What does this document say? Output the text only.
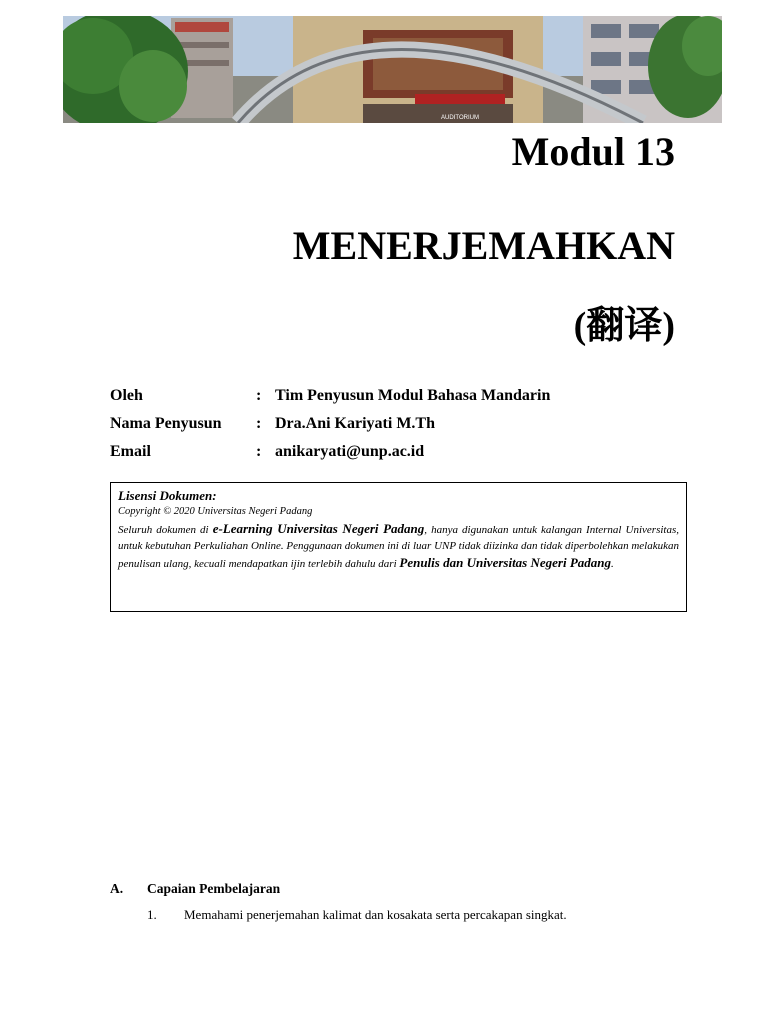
AUDITORIUM
Modul 13
MENERJEMAHKAN
(翻译)
Oleh	: Tim Penyusun Modul Bahasa Mandarin
Nama Penyusun	: Dra.Ani Kariyati M.Th
Email	: anikaryati@unp.ac.id
Lisensi Dokumen:
Copyright © 2020 Universitas Negeri Padang
Seluruh dokumen di e-Learning Universitas Negeri Padang, hanya digunakan untuk kalangan Internal Universitas, untuk kebutuhan Perkuliahan Online. Penggunaan dokumen ini di luar UNP tidak diizinka dan tidak diperbolehkan melakukan penulisan ulang, kecuali mendapatkan ijin terlebih dahulu dari Penulis dan Universitas Negeri Padang.
A.	Capaian Pembelajaran
1.	Memahami penerjemahan kalimat dan kosakata serta percakapan singkat.
